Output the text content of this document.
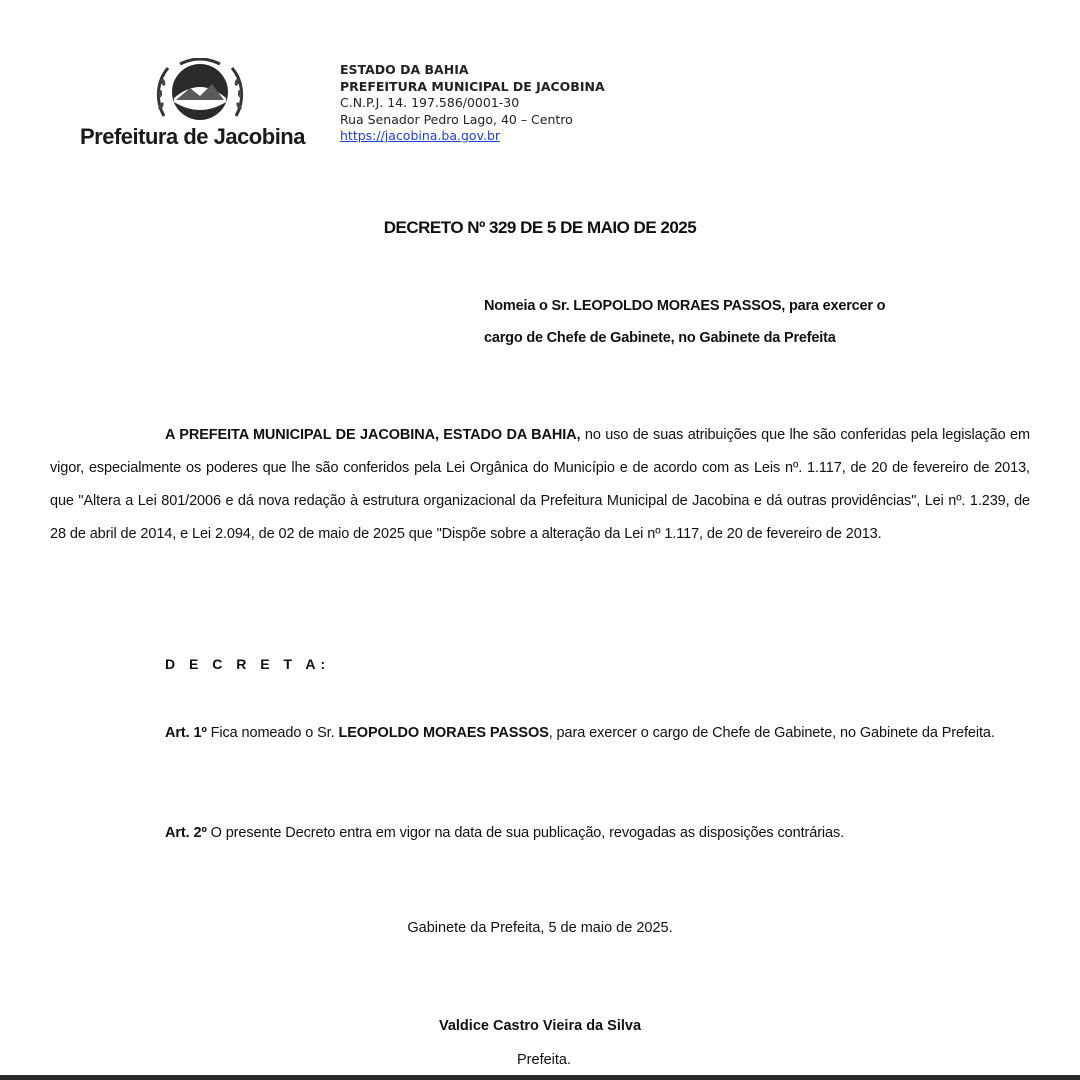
Prefeitura de Jacobina
ESTADO DA BAHIA
PREFEITURA MUNICIPAL DE JACOBINA
C.N.P.J. 14. 197.586/0001-30
Rua Senador Pedro Lago, 40 – Centro
https://jacobina.ba.gov.br
DECRETO Nº 329 DE 5 DE MAIO DE 2025
Nomeia o Sr. LEOPOLDO MORAES PASSOS, para exercer o
cargo de Chefe de Gabinete, no Gabinete da Prefeita
A PREFEITA MUNICIPAL DE JACOBINA, ESTADO DA BAHIA, no uso de suas atribuições que lhe são conferidas pela legislação em vigor, especialmente os poderes que lhe são conferidos pela Lei Orgânica do Município e de acordo com as Leis nº. 1.117, de 20 de fevereiro de 2013, que "Altera a Lei 801/2006 e dá nova redação à estrutura organizacional da Prefeitura Municipal de Jacobina e dá outras providências", Lei nº. 1.239, de 28 de abril de 2014, e Lei 2.094, de 02 de maio de 2025 que "Dispõe sobre a alteração da Lei nº 1.117, de 20 de fevereiro de 2013.
D E C R E T A:
Art. 1º Fica nomeado o Sr. LEOPOLDO MORAES PASSOS, para exercer o cargo de Chefe de Gabinete, no Gabinete da Prefeita.
Art. 2º O presente Decreto entra em vigor na data de sua publicação, revogadas as disposições contrárias.
Gabinete da Prefeita, 5 de maio de 2025.
Valdice Castro Vieira da Silva
Prefeita.
